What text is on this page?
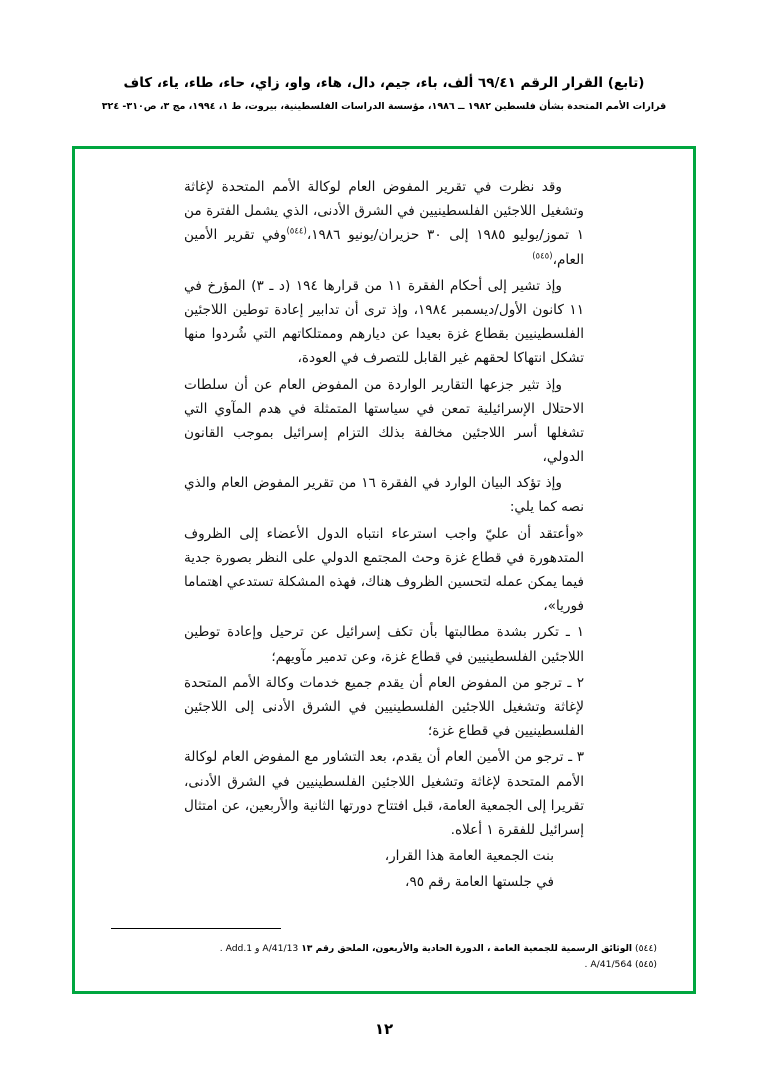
(تابع) القرار الرقم ٦٩/٤١ ألف، باء، جيم، دال، هاء، واو، زاي، حاء، طاء، ياء، كاف
قرارات الأمم المتحدة بشأن فلسطين ١٩٨٢ ــ ١٩٨٦، مؤسسة الدراسات الفلسطينية، بيروت، ط ١، ١٩٩٤، مج ٣، ص٣١٠- ٣٢٤

وقد نظرت في تقرير المفوض العام لوكالة الأمم المتحدة لإغاثة وتشغيل اللاجئين الفلسطينيين في الشرق الأدنى، الذي يشمل الفترة من ١ تموز/يوليو ١٩٨٥ إلى ٣٠ حزيران/يونيو ١٩٨٦،$^{(٥٤٤)}$وفي تقرير الأمين العام،$^{(٥٤٥)}$

وإذ تشير إلى أحكام الفقرة ١١ من قرارها ١٩٤ (د ـ ٣) المؤرخ في ١١ كانون الأول/ديسمبر ١٩٨٤، وإذ ترى أن تدابير إعادة توطين اللاجئين الفلسطينيين بقطاع غزة بعيدا عن ديارهم وممتلكاتهم التي شُردوا منها تشكل انتهاكا لحقهم غير القابل للتصرف في العودة،

وإذ تثير جزعها التقارير الواردة من المفوض العام عن أن سلطات الاحتلال الإسرائيلية تمعن في سياستها المتمثلة في هدم المآوي التي تشغلها أسر اللاجئين مخالفة بذلك التزام إسرائيل بموجب القانون الدولي،

وإذ تؤكد البيان الوارد في الفقرة ١٦ من تقرير المفوض العام والذي نصه كما يلي:

«وأعتقد أن عليّ واجب استرعاء انتباه الدول الأعضاء إلى الظروف المتدهورة في قطاع غزة وحث المجتمع الدولي على النظر بصورة جدية فيما يمكن عمله لتحسين الظروف هناك، فهذه المشكلة تستدعي اهتماما فوريا»،

١ ـ تكرر بشدة مطالبتها بأن تكف إسرائيل عن ترحيل وإعادة توطين اللاجئين الفلسطينيين في قطاع غزة، وعن تدمير مآويهم؛

٢ ـ ترجو من المفوض العام أن يقدم جميع خدمات وكالة الأمم المتحدة لإغاثة وتشغيل اللاجئين الفلسطينيين في الشرق الأدنى إلى اللاجئين الفلسطينيين في قطاع غزة؛

٣ ـ ترجو من الأمين العام أن يقدم، بعد التشاور مع المفوض العام لوكالة الأمم المتحدة لإغاثة وتشغيل اللاجئين الفلسطينيين في الشرق الأدنى، تقريرا إلى الجمعية العامة، قبل افتتاح دورتها الثانية والأربعين، عن امتثال إسرائيل للفقرة ١ أعلاه.

بنت الجمعية العامة هذا القرار،

في جلستها العامة رقم ٩٥،

(٥٤٤) الوثائق الرسمية للجمعية العامة ، الدورة الحادية والأربعون، الملحق رقم ١٣ A/41/13 و Add.1 .

(٥٤٥) A/41/564 .

١٢
